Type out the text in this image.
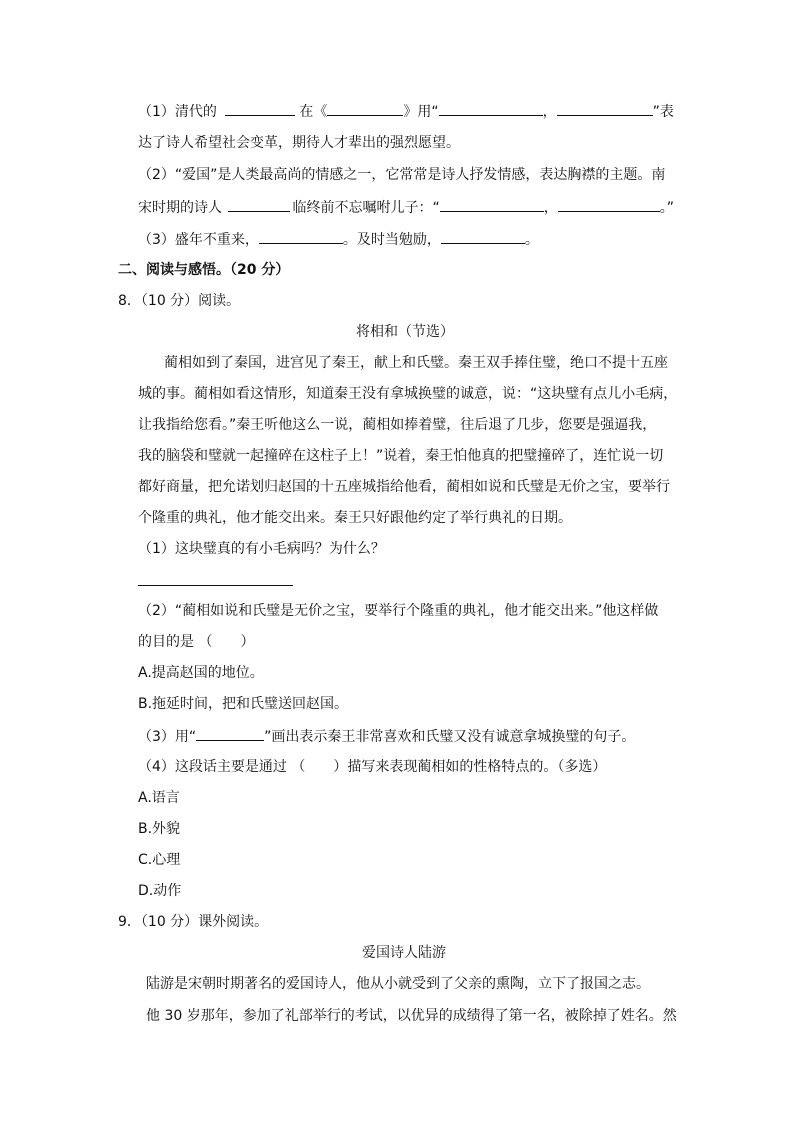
（1）清代的	在《	》用“	，	”表
达了诗人希望社会变革，期待人才辈出的强烈愿望。
（2）“爱国”是人类最高尚的情感之一，它常常是诗人抒发情感，表达胸襟的主题。南
宋时期的诗人	临终前不忘嘱咐儿子：“	，	。”
（3）盛年不重来，	。及时当勉励，	。
二、阅读与感悟。（20 分）
8．（10 分）阅读。
将相和（节选）
蔺相如到了秦国，进宫见了秦王，献上和氏璧。秦王双手捧住璧，绝口不提十五座
城的事。蔺相如看这情形，知道秦王没有拿城换璧的诚意，说：“这块璧有点儿小毛病，
让我指给您看。”秦王听他这么一说，蔺相如捧着璧，往后退了几步，您要是强逼我，
我的脑袋和璧就一起撞碎在这柱子上！”说着，秦王怕他真的把璧撞碎了，连忙说一切
都好商量，把允诺划归赵国的十五座城指给他看，蔺相如说和氏璧是无价之宝，要举行
个隆重的典礼，他才能交出来。秦王只好跟他约定了举行典礼的日期。
（1）这块璧真的有小毛病吗？为什么？
（2）“蔺相如说和氏璧是无价之宝，要举行个隆重的典礼，他才能交出来。”他这样做
的目的是 （　　）
A.提高赵国的地位。
B.拖延时间，把和氏璧送回赵国。
（3）用“	”画出表示秦王非常喜欢和氏璧又没有诚意拿城换璧的句子。
（4）这段话主要是通过 （　　）描写来表现蔺相如的性格特点的。（多选）
A.语言
B.外貌
C.心理
D.动作
9．（10 分）课外阅读。
爱国诗人陆游
陆游是宋朝时期著名的爱国诗人，他从小就受到了父亲的熏陶，立下了报国之志。
他 30 岁那年，参加了礼部举行的考试，以优异的成绩得了第一名，被除掉了姓名。然
